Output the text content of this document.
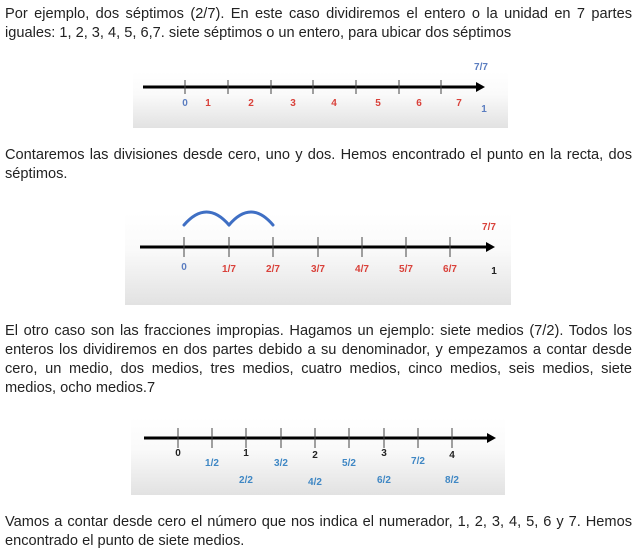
Por ejemplo, dos séptimos (2/7). En este caso dividiremos el entero o la unidad en 7 partes iguales: 1, 2, 3, 4, 5, 6,7. siete séptimos o un entero, para ubicar dos séptimos
Contaremos las divisiones desde cero, uno y dos. Hemos encontrado el punto en la recta, dos séptimos.
El otro caso son las fracciones impropias. Hagamos un ejemplo: siete medios (7/2). Todos los enteros los dividiremos en dos partes debido a su denominador, y empezamos a contar desde cero, un medio, dos medios, tres medios, cuatro medios, cinco medios, seis medios, siete medios, ocho medios.7
Vamos a contar desde cero el número que nos indica el numerador, 1, 2, 3, 4, 5, 6 y 7. Hemos encontrado el punto de siete medios.
0 1	2	3	4	5	6	7
7/7
1
0	1/7	2/7	3/7	4/7	5/7	6/7
7/7
1
0	1	2	3	4
1/2	3/2	5/2	7/2
2/2	4/2	6/2	8/2
